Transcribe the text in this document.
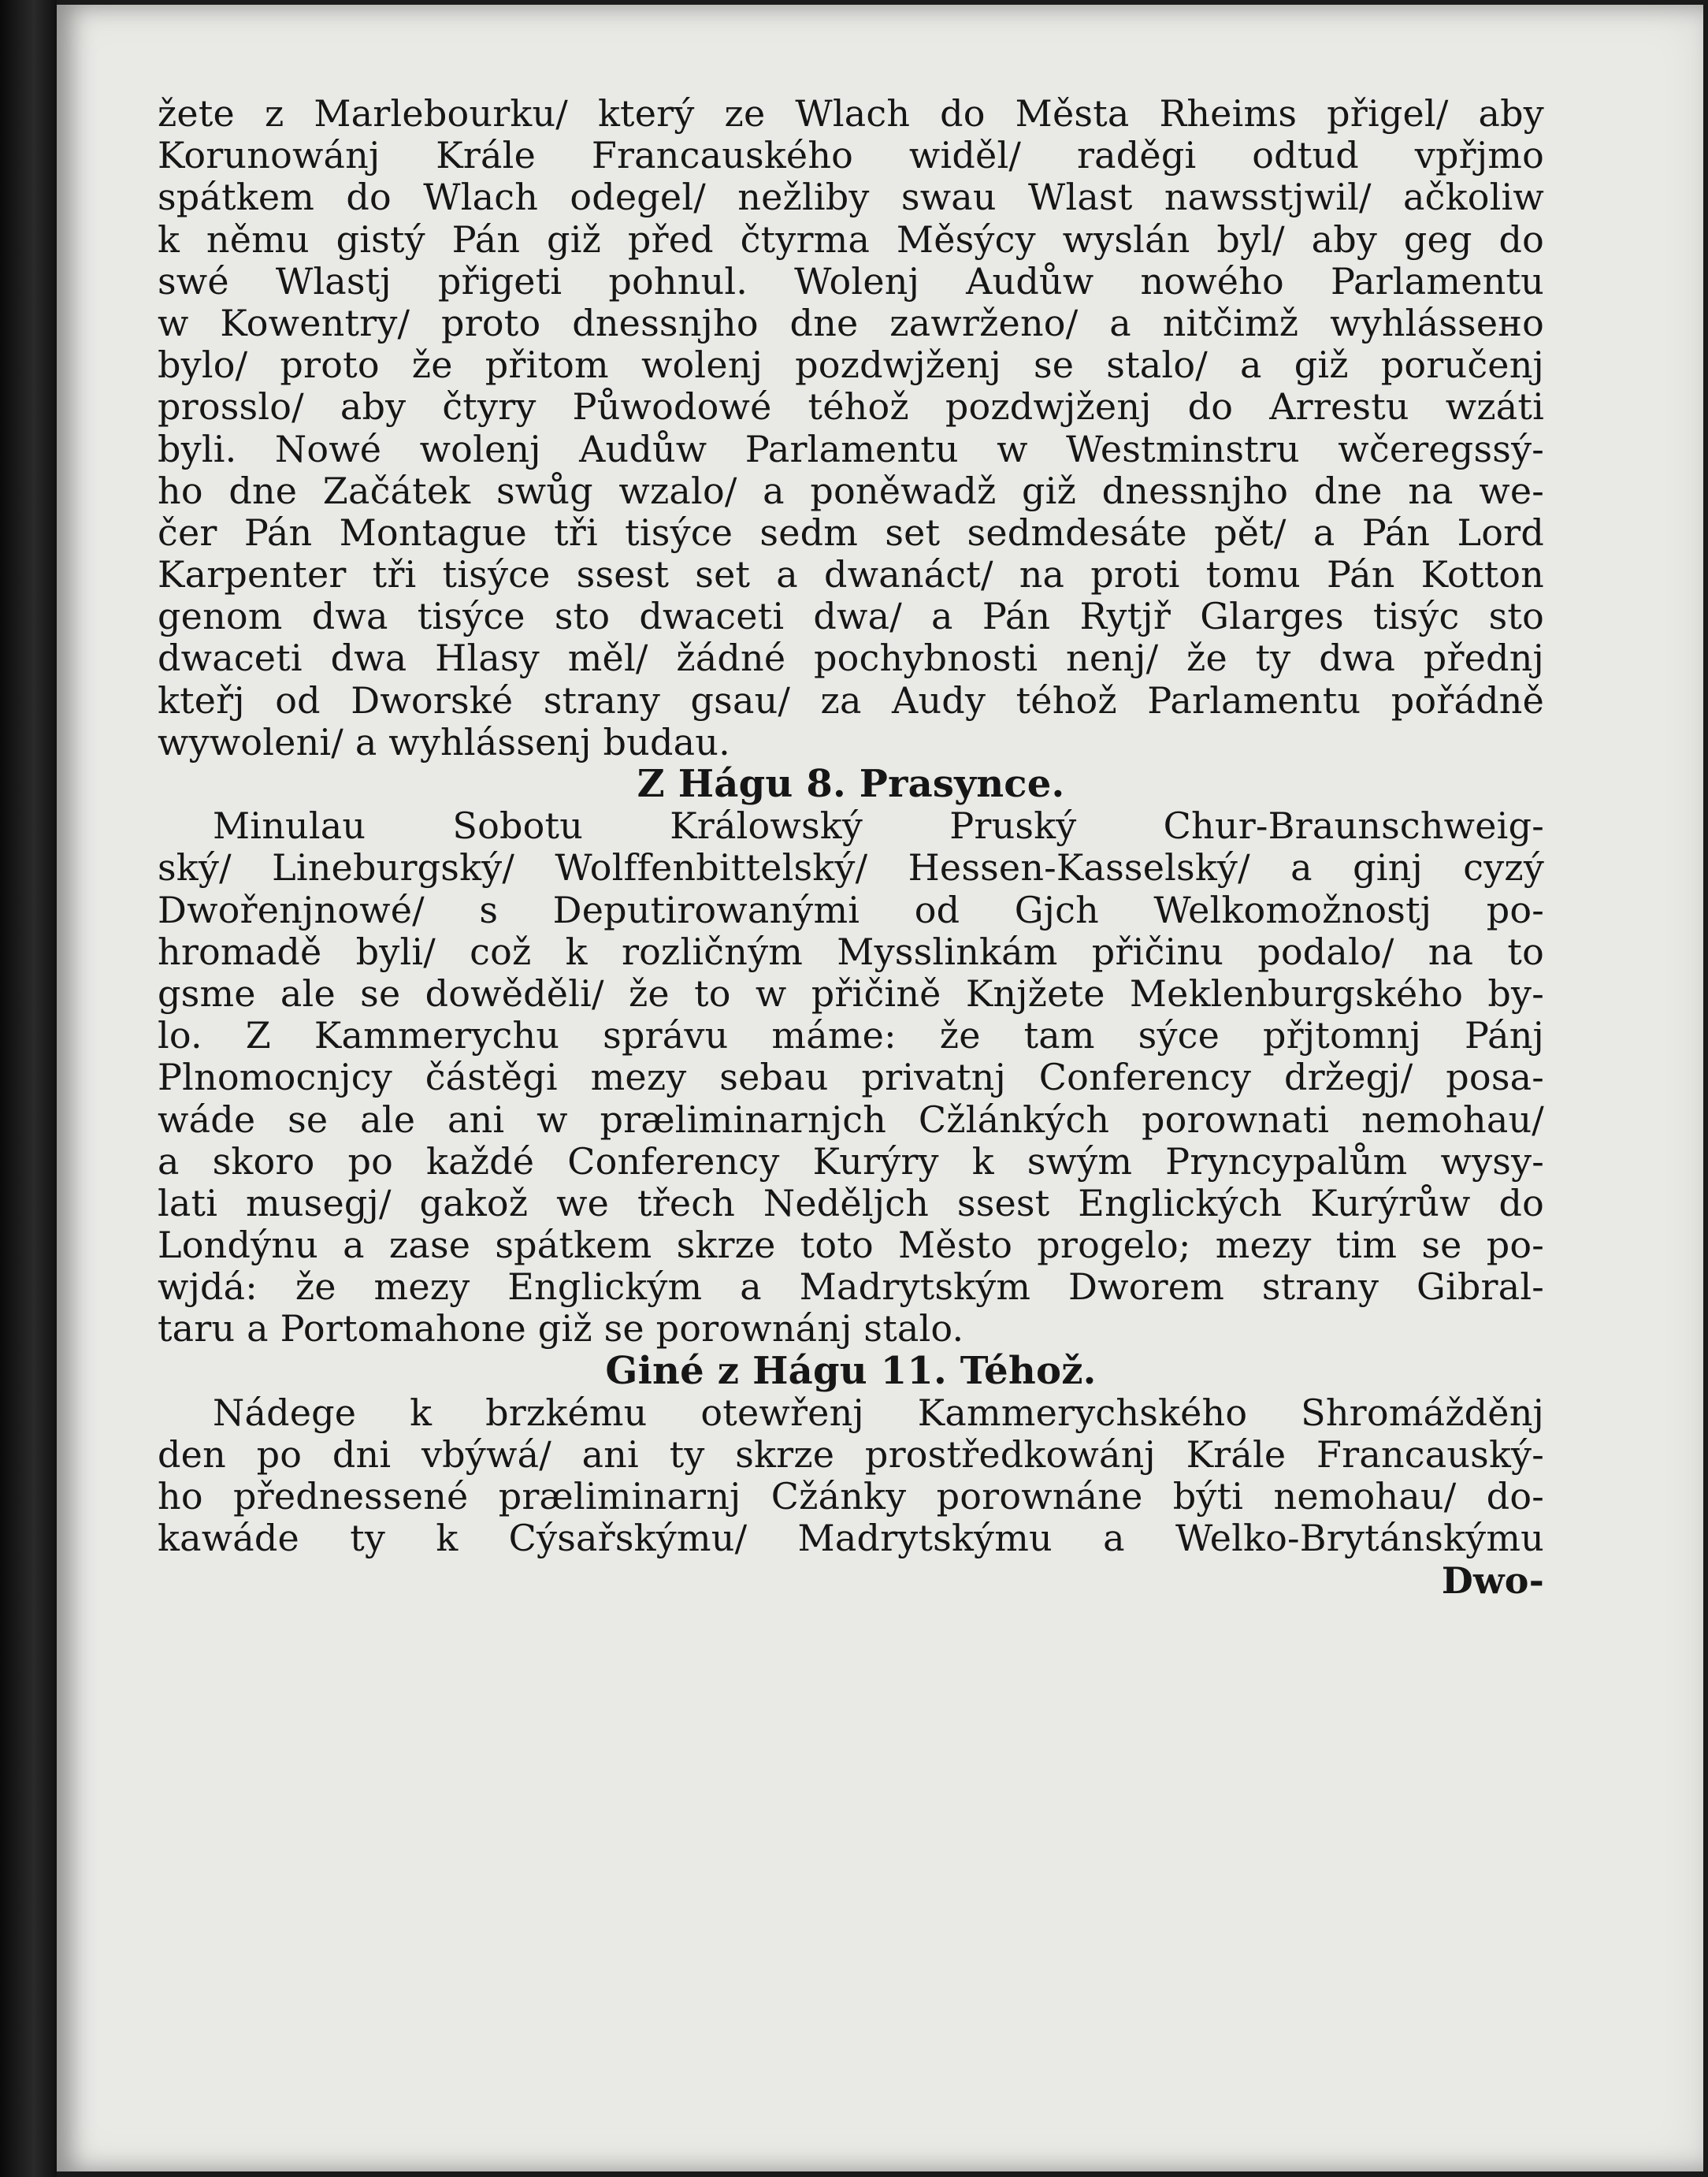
žete z Marlebourku/ který ze Wlach do Města Rheims přigel/ aby
Korunowánj Krále Francauského widěl/ raděgi odtud vpřjmo
spátkem do Wlach odegel/ nežliby swau Wlast nawsstjwil/ ačkoliw
k němu gistý Pán giž před čtyrma Měsýcy wyslán byl/ aby geg do
swé Wlastj přigeti pohnul. Wolenj Audůw nowého Parlamentu
w Kowentry/ proto dnessnjho dne zawrženo/ a nitčimž wyhlássено
bylo/ proto že přitom wolenj pozdwjženj se stalo/ a giž poručenj
prosslo/ aby čtyry Půwodowé téhož pozdwjženj do Arrestu wzáti
byli. Nowé wolenj Audůw Parlamentu w Westminstru wčeregssý-
ho dne Začátek swůg wzalo/ a poněwadž giž dnessnjho dne na we-
čer Pán Montague tři tisýce sedm set sedmdesáte pět/ a Pán Lord
Karpenter tři tisýce ssest set a dwanáct/ na proti tomu Pán Kotton
genom dwa tisýce sto dwaceti dwa/ a Pán Rytjř Glarges tisýc sto
dwaceti dwa Hlasy měl/ žádné pochybnosti nenj/ že ty dwa přednj
kteřj od Dworské strany gsau/ za Audy téhož Parlamentu pořádně
wywoleni/ a wyhlássenj budau.
Z Hágu 8. Prasynce.
Minulau Sobotu Králowský Pruský Chur-Braunschweig-
ský/ Lineburgský/ Wolffenbittelský/ Hessen-Kasselský/ a ginj cyzý
Dwořenjnowé/ s Deputirowanými od Gjch Welkomožnostj po-
hromadě byli/ což k rozličným Mysslinkám přičinu podalo/ na to
gsme ale se dowěděli/ že to w přičině Knjžete Meklenburgského by-
lo. Z Kammerychu správu máme: že tam sýce přjtomnj Pánj
Plnomocnjcy částěgi mezy sebau privatnj Conferency držegj/ posa-
wáde se ale ani w præliminarnjch Cžlánkých porownati nemohau/
a skoro po každé Conferency Kurýry k swým Pryncypalům wysy-
lati musegj/ gakož we třech Neděljch ssest Englických Kurýrůw do
Londýnu a zase spátkem skrze toto Město progelo; mezy tim se po-
wjdá: že mezy Englickým a Madrytským Dworem strany Gibral-
taru a Portomahone giž se porownánj stalo.
Giné z Hágu 11. Téhož.
Nádege k brzkému otewřenj Kammerychského Shromážděnj
den po dni vbýwá/ ani ty skrze prostředkowánj Krále Francauský-
ho přednessené præliminarnj Cžánky porownáne býti nemohau/ do-
kawáde ty k Cýsařskýmu/ Madrytskýmu a Welko-Brytánskýmu
Dwo-
